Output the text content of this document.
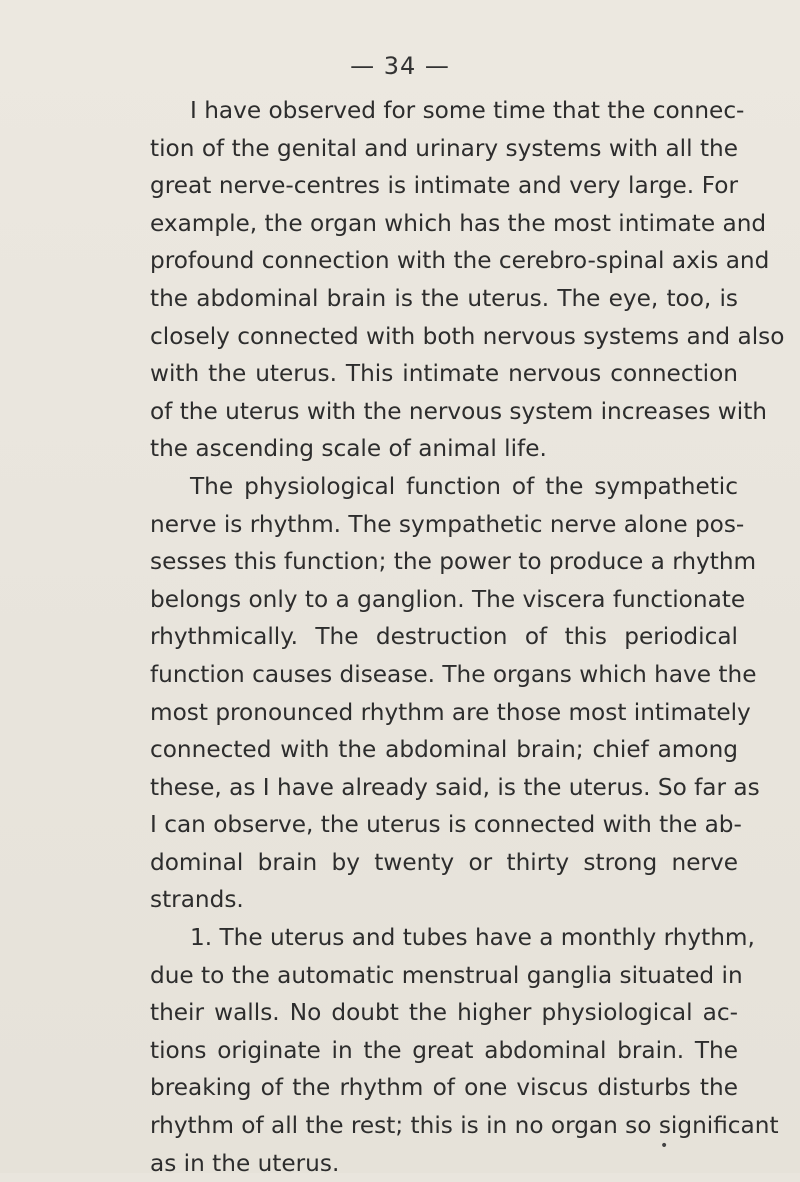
— 34 —
I have observed for some time that the connec-
tion of the genital and urinary systems with all the
great nerve-centres is intimate and very large. For
example, the organ which has the most intimate and
profound connection with the cerebro-spinal axis and
the abdominal brain is the uterus. The eye, too, is
closely connected with both nervous systems and also
with the uterus. This intimate nervous connection
of the uterus with the nervous system increases with
the ascending scale of animal life.
The physiological function of the sympathetic
nerve is rhythm. The sympathetic nerve alone pos-
sesses this function; the power to produce a rhythm
belongs only to a ganglion. The viscera functionate
rhythmically. The destruction of this periodical
function causes disease. The organs which have the
most pronounced rhythm are those most intimately
connected with the abdominal brain; chief among
these, as I have already said, is the uterus. So far as
I can observe, the uterus is connected with the ab-
dominal brain by twenty or thirty strong nerve
strands.
1. The uterus and tubes have a monthly rhythm,
due to the automatic menstrual ganglia situated in
their walls. No doubt the higher physiological ac-
tions originate in the great abdominal brain. The
breaking of the rhythm of one viscus disturbs the
rhythm of all the rest; this is in no organ so significant
as in the uterus.
•
